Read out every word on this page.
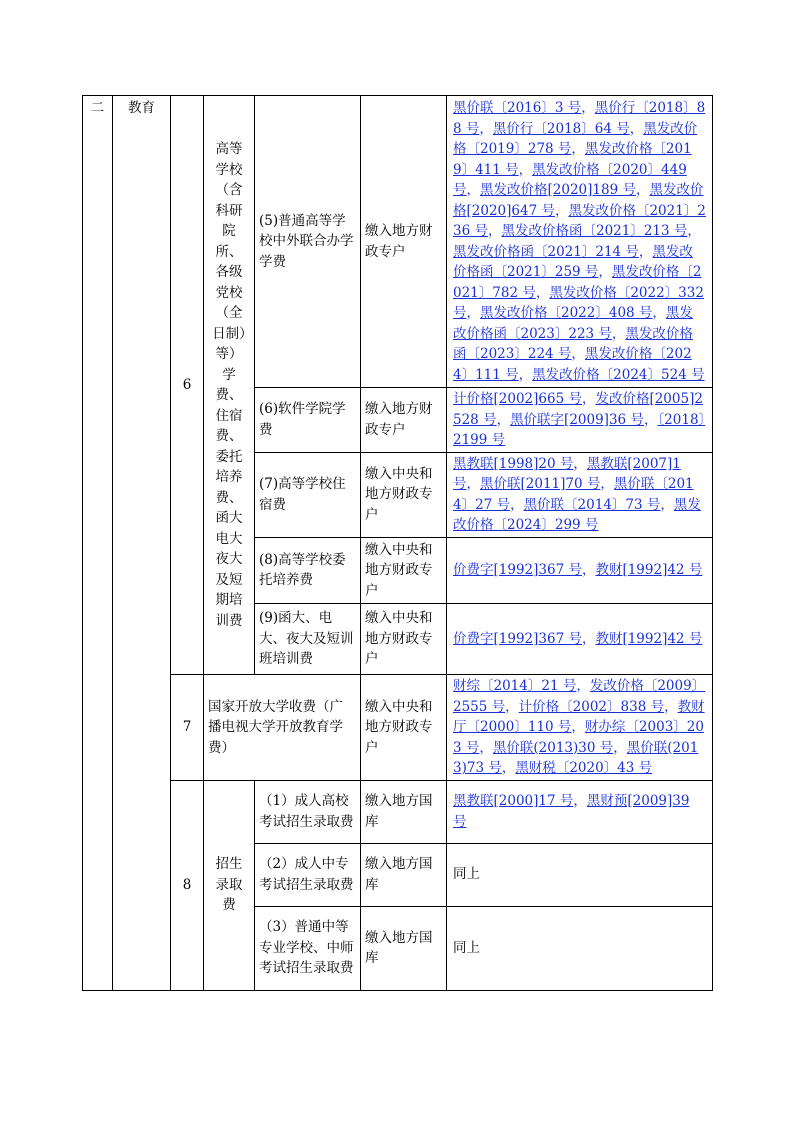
二	教育	6	高等学校（含科研院所、各级党校（全日制）等）学费、住宿费、委托培养费、函大电大夜大及短期培训费	(5)普通高等学校中外联合办学学费	缴入地方财政专户	黑价联〔2016〕3 号，黑价行〔2018〕88 号，黑价行〔2018〕64 号，黑发改价格〔2019〕278 号，黑发改价格〔2019〕411 号，黑发改价格〔2020〕449 号，黑发改价格[2020]189 号，黑发改价格[2020]647 号，黑发改价格〔2021〕236 号，黑发改价格函〔2021〕213 号，黑发改价格函〔2021〕214 号，黑发改价格函〔2021〕259 号，黑发改价格〔2021〕782 号，黑发改价格〔2022〕332 号，黑发改价格〔2022〕408 号，黑发改价格函〔2023〕223 号，黑发改价格函〔2023〕224 号，黑发改价格〔2024〕111 号，黑发改价格〔2024〕524 号
				(6)软件学院学费	缴入地方财政专户	计价格[2002]665 号，发改价格[2005]2528 号，黑价联字[2009]36 号，〔2018〕2199 号
				(7)高等学校住宿费	缴入中央和地方财政专户	黑教联[1998]20 号，黑教联[2007]1 号，黑价联[2011]70 号，黑价联〔2014〕27 号，黑价联〔2014〕73 号，黑发改价格〔2024〕299 号
				(8)高等学校委托培养费	缴入中央和地方财政专户	价费字[1992]367 号，教财[1992]42 号
				(9)函大、电大、夜大及短训班培训费	缴入中央和地方财政专户	价费字[1992]367 号，教财[1992]42 号
		7	国家开放大学收费（广播电视大学开放教育学费）		缴入中央和地方财政专户	财综〔2014〕21 号，发改价格〔2009〕2555 号，计价格〔2002〕838 号，教财厅〔2000〕110 号，财办综〔2003〕203 号，黑价联(2013)30 号，黑价联(2013)73 号，黑财税〔2020〕43 号
		8	招生录取费	（1）成人高校考试招生录取费	缴入地方国库	黑教联[2000]17 号，黑财预[2009]39 号
				（2）成人中专考试招生录取费	缴入地方国库	同上
				（3）普通中等专业学校、中师考试招生录取费	缴入地方国库	同上
